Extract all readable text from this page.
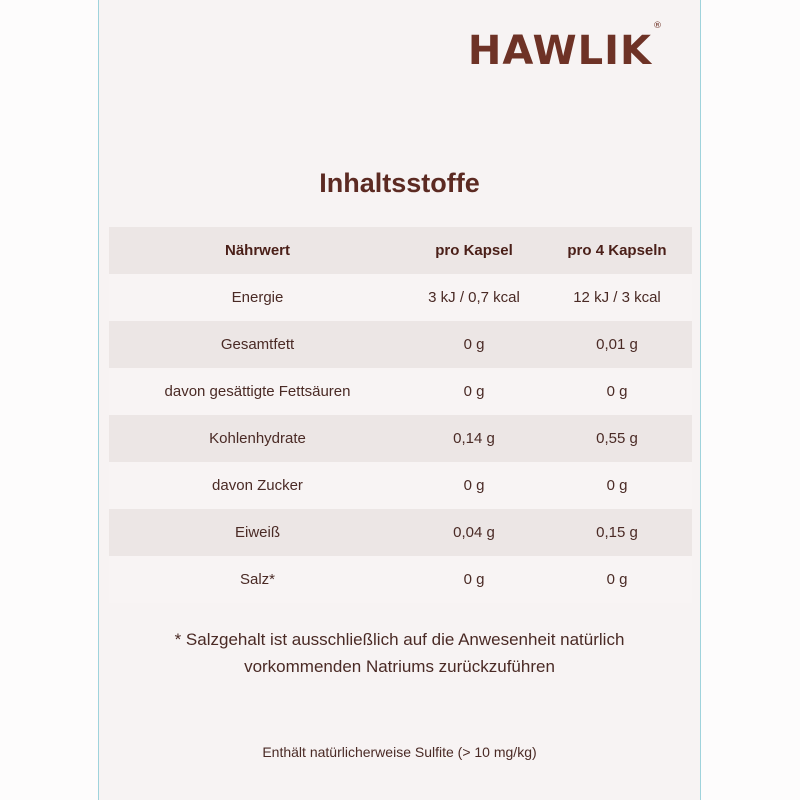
HAWLIK®
Inhaltsstoffe
Nährwert	pro Kapsel	pro 4 Kapseln
Energie	3 kJ / 0,7 kcal	12 kJ / 3 kcal
Gesamtfett	0 g	0,01 g
davon gesättigte Fettsäuren	0 g	0 g
Kohlenhydrate	0,14 g	0,55 g
davon Zucker	0 g	0 g
Eiweiß	0,04 g	0,15 g
Salz*	0 g	0 g
* Salzgehalt ist ausschließlich auf die Anwesenheit natürlich
vorkommenden Natriums zurückzuführen
Enthält natürlicherweise Sulfite (> 10 mg/kg)
